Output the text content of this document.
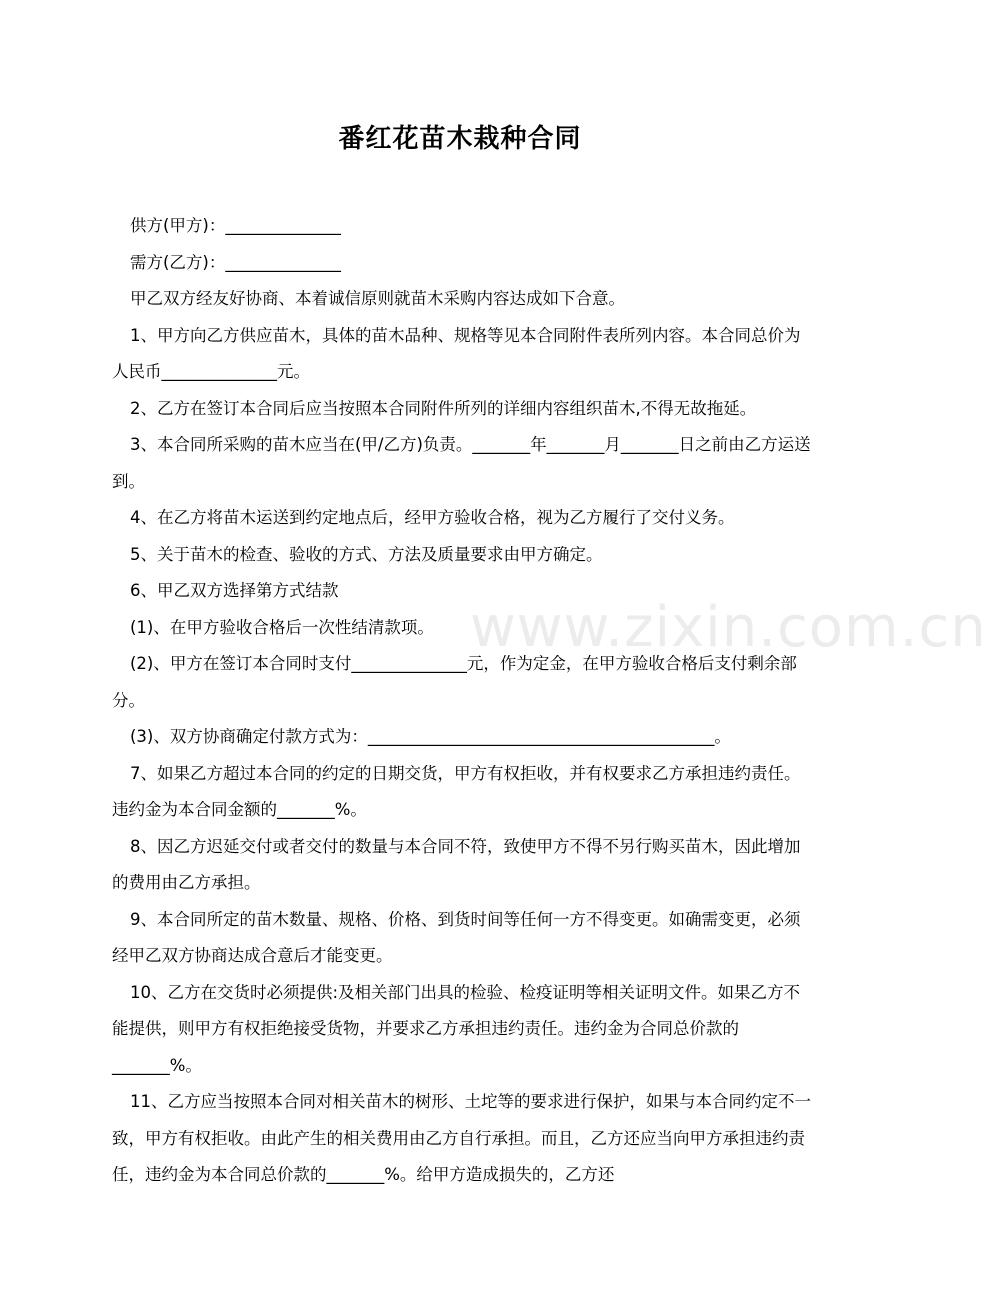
www.zixin.com.cn
番红花苗木栽种合同

供方(甲方)：______________

需方(乙方)：______________

甲乙双方经友好协商、本着诚信原则就苗木采购内容达成如下合意。

1、甲方向乙方供应苗木，具体的苗木品种、规格等见本合同附件表所列内容。本合同总价为人民币______________元。

2、乙方在签订本合同后应当按照本合同附件所列的详细内容组织苗木,不得无故拖延。

3、本合同所采购的苗木应当在(甲/乙方)负责。_______年_______月_______日之前由乙方运送到。

4、在乙方将苗木运送到约定地点后，经甲方验收合格，视为乙方履行了交付义务。

5、关于苗木的检查、验收的方式、方法及质量要求由甲方确定。

6、甲乙双方选择第方式结款

(1)、在甲方验收合格后一次性结清款项。

(2)、甲方在签订本合同时支付______________元，作为定金，在甲方验收合格后支付剩余部分。

(3)、双方协商确定付款方式为：__________________________________________。

7、如果乙方超过本合同的约定的日期交货，甲方有权拒收，并有权要求乙方承担违约责任。违约金为本合同金额的_______%。

8、因乙方迟延交付或者交付的数量与本合同不符，致使甲方不得不另行购买苗木，因此增加的费用由乙方承担。

9、本合同所定的苗木数量、规格、价格、到货时间等任何一方不得变更。如确需变更，必须经甲乙双方协商达成合意后才能变更。

10、乙方在交货时必须提供:及相关部门出具的检验、检疫证明等相关证明文件。如果乙方不能提供，则甲方有权拒绝接受货物，并要求乙方承担违约责任。违约金为合同总价款的_______%。

11、乙方应当按照本合同对相关苗木的树形、土坨等的要求进行保护，如果与本合同约定不一致，甲方有权拒收。由此产生的相关费用由乙方自行承担。而且，乙方还应当向甲方承担违约责任，违约金为本合同总价款的_______%。给甲方造成损失的，乙方还
